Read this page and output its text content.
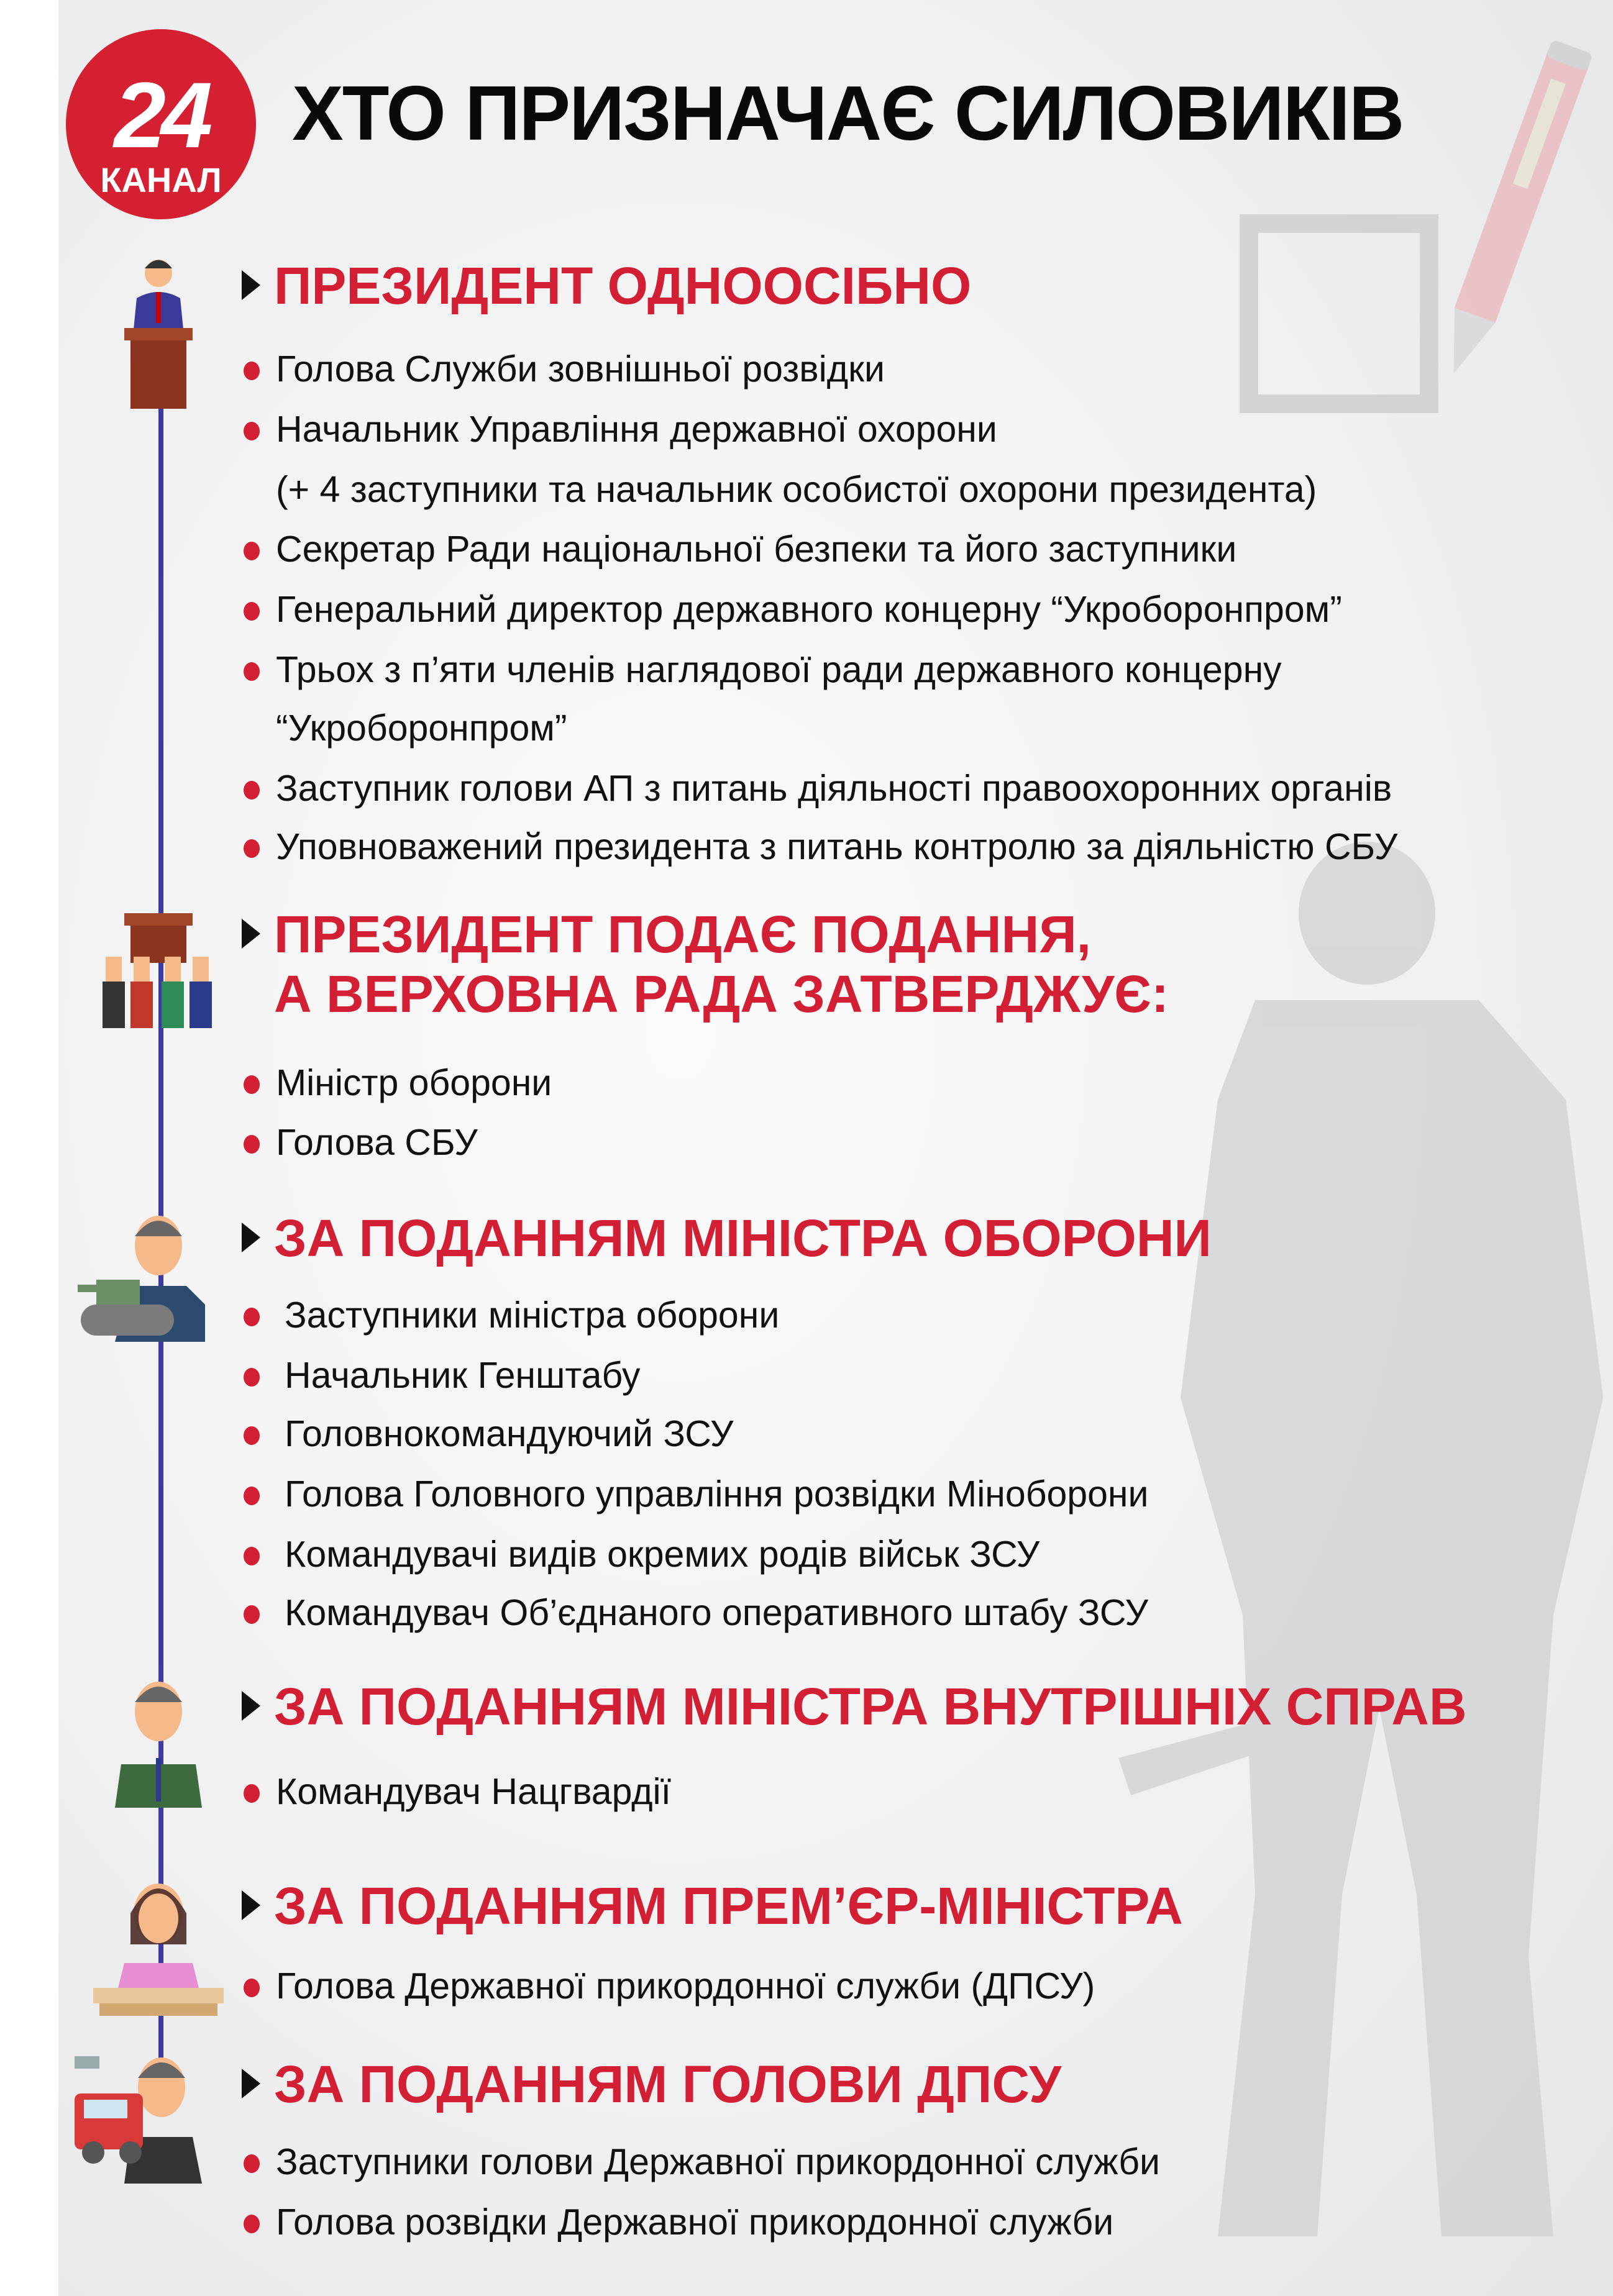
24
КАНАЛ
ХТО ПРИЗНАЧАЄ СИЛОВИКІВ
ПРЕЗИДЕНТ ОДНООСІБНО
Голова Служби зовнішньої розвідки
Начальник Управління державної охорони
(+ 4 заступники та начальник особистої охорони президента)
Секретар Ради національної безпеки та його заступники
Генеральний директор державного концерну “Укроборонпром”
Трьох з п’яти членів наглядової ради державного концерну
“Укроборонпром”
Заступник голови АП з питань діяльності правоохоронних органів
Уповноважений президента з питань контролю за діяльністю СБУ
ПРЕЗИДЕНТ ПОДАЄ ПОДАННЯ,
А ВЕРХОВНА РАДА ЗАТВЕРДЖУЄ:
Міністр оборони
Голова СБУ
ЗА ПОДАННЯМ МІНІСТРА ОБОРОНИ
Заступники міністра оборони
Начальник Генштабу
Головнокомандуючий ЗСУ
Голова Головного управління розвідки Міноборони
Командувачі видів окремих родів військ ЗСУ
Командувач Об’єднаного оперативного штабу ЗСУ
ЗА ПОДАННЯМ МІНІСТРА ВНУТРІШНІХ СПРАВ
Командувач Нацгвардії
ЗА ПОДАННЯМ ПРЕМ’ЄР-МІНІСТРА
Голова Державної прикордонної служби (ДПСУ)
ЗА ПОДАННЯМ ГОЛОВИ ДПСУ
Заступники голови Державної прикордонної служби
Голова розвідки Державної прикордонної служби
